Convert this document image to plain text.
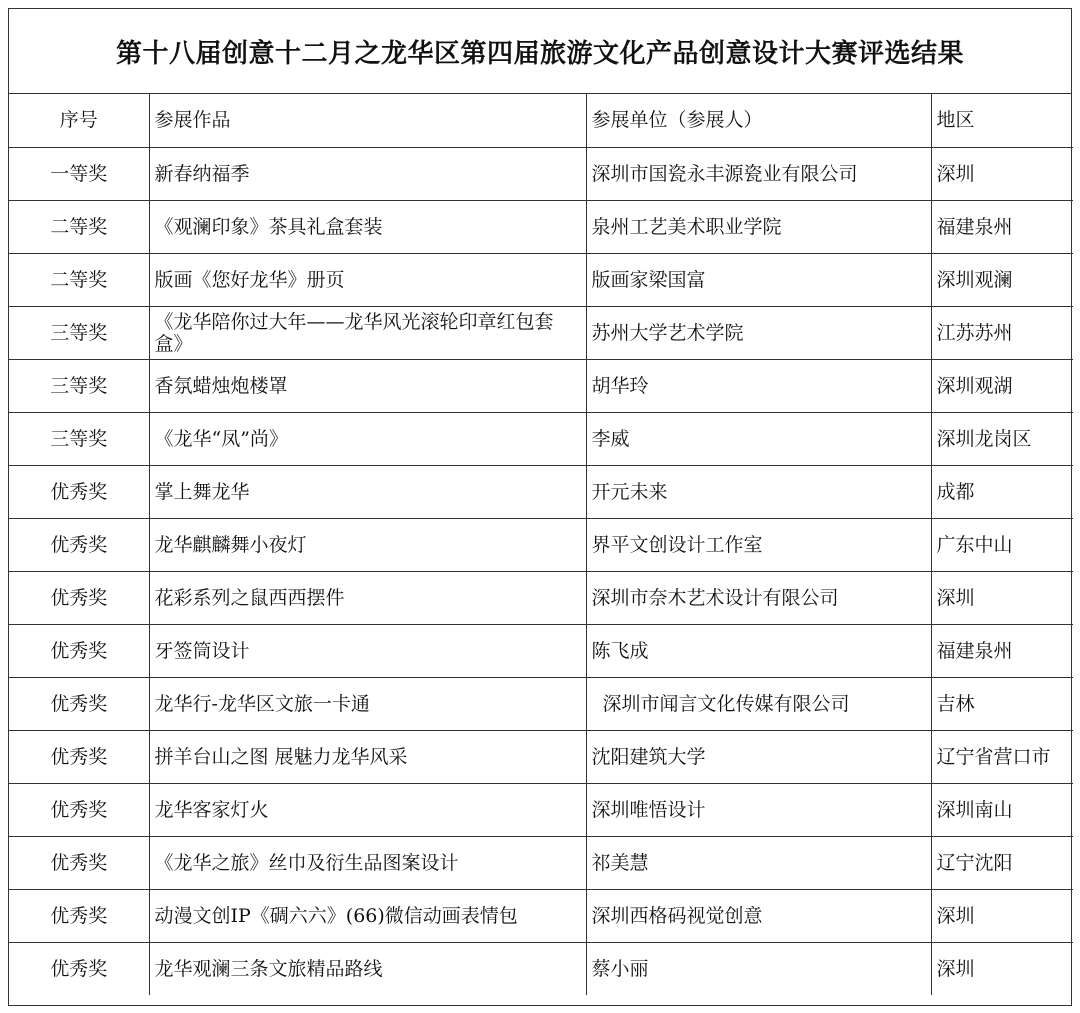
第十八届创意十二月之龙华区第四届旅游文化产品创意设计大赛评选结果
序号	参展作品	参展单位（参展人）	地区
一等奖	新春纳福季	深圳市国瓷永丰源瓷业有限公司	深圳
二等奖	《观澜印象》茶具礼盒套装	泉州工艺美术职业学院	福建泉州
二等奖	版画《您好龙华》册页	版画家梁国富	深圳观澜
三等奖	《龙华陪你过大年——龙华风光滚轮印章红包套盒》	苏州大学艺术学院	江苏苏州
三等奖	香氛蜡烛炮楼罩	胡华玲	深圳观湖
三等奖	《龙华“凤”尚》	李威	深圳龙岗区
优秀奖	掌上舞龙华	开元未来	成都
优秀奖	龙华麒麟舞小夜灯	界平文创设计工作室	广东中山
优秀奖	花彩系列之鼠西西摆件	深圳市奈木艺术设计有限公司	深圳
优秀奖	牙签筒设计	陈飞成	福建泉州
优秀奖	龙华行-龙华区文旅一卡通	深圳市闻言文化传媒有限公司	吉林
优秀奖	拼羊台山之图 展魅力龙华风采	沈阳建筑大学	辽宁省营口市
优秀奖	龙华客家灯火	深圳唯悟设计	深圳南山
优秀奖	《龙华之旅》丝巾及衍生品图案设计	祁美慧	辽宁沈阳
优秀奖	动漫文创IP《碉六六》(66)微信动画表情包	深圳西格码视觉创意	深圳
优秀奖	龙华观澜三条文旅精品路线	蔡小丽	深圳
